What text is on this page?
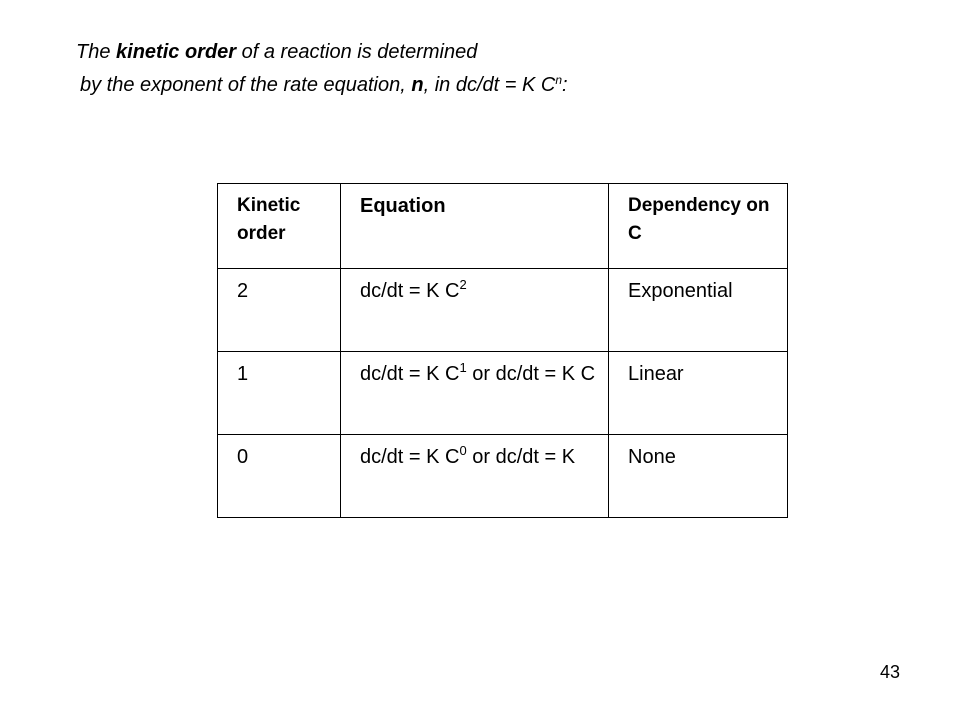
The kinetic order of a reaction is determined
by the exponent of the rate equation, n, in dc/dt = K $C^n$:
Kinetic order	Equation	Dependency on C
2	dc/dt = K $C^2$	Exponential
1	dc/dt = K $C^1$ or dc/dt = K C	Linear
0	dc/dt = K $C^0$ or dc/dt = K	None
43
